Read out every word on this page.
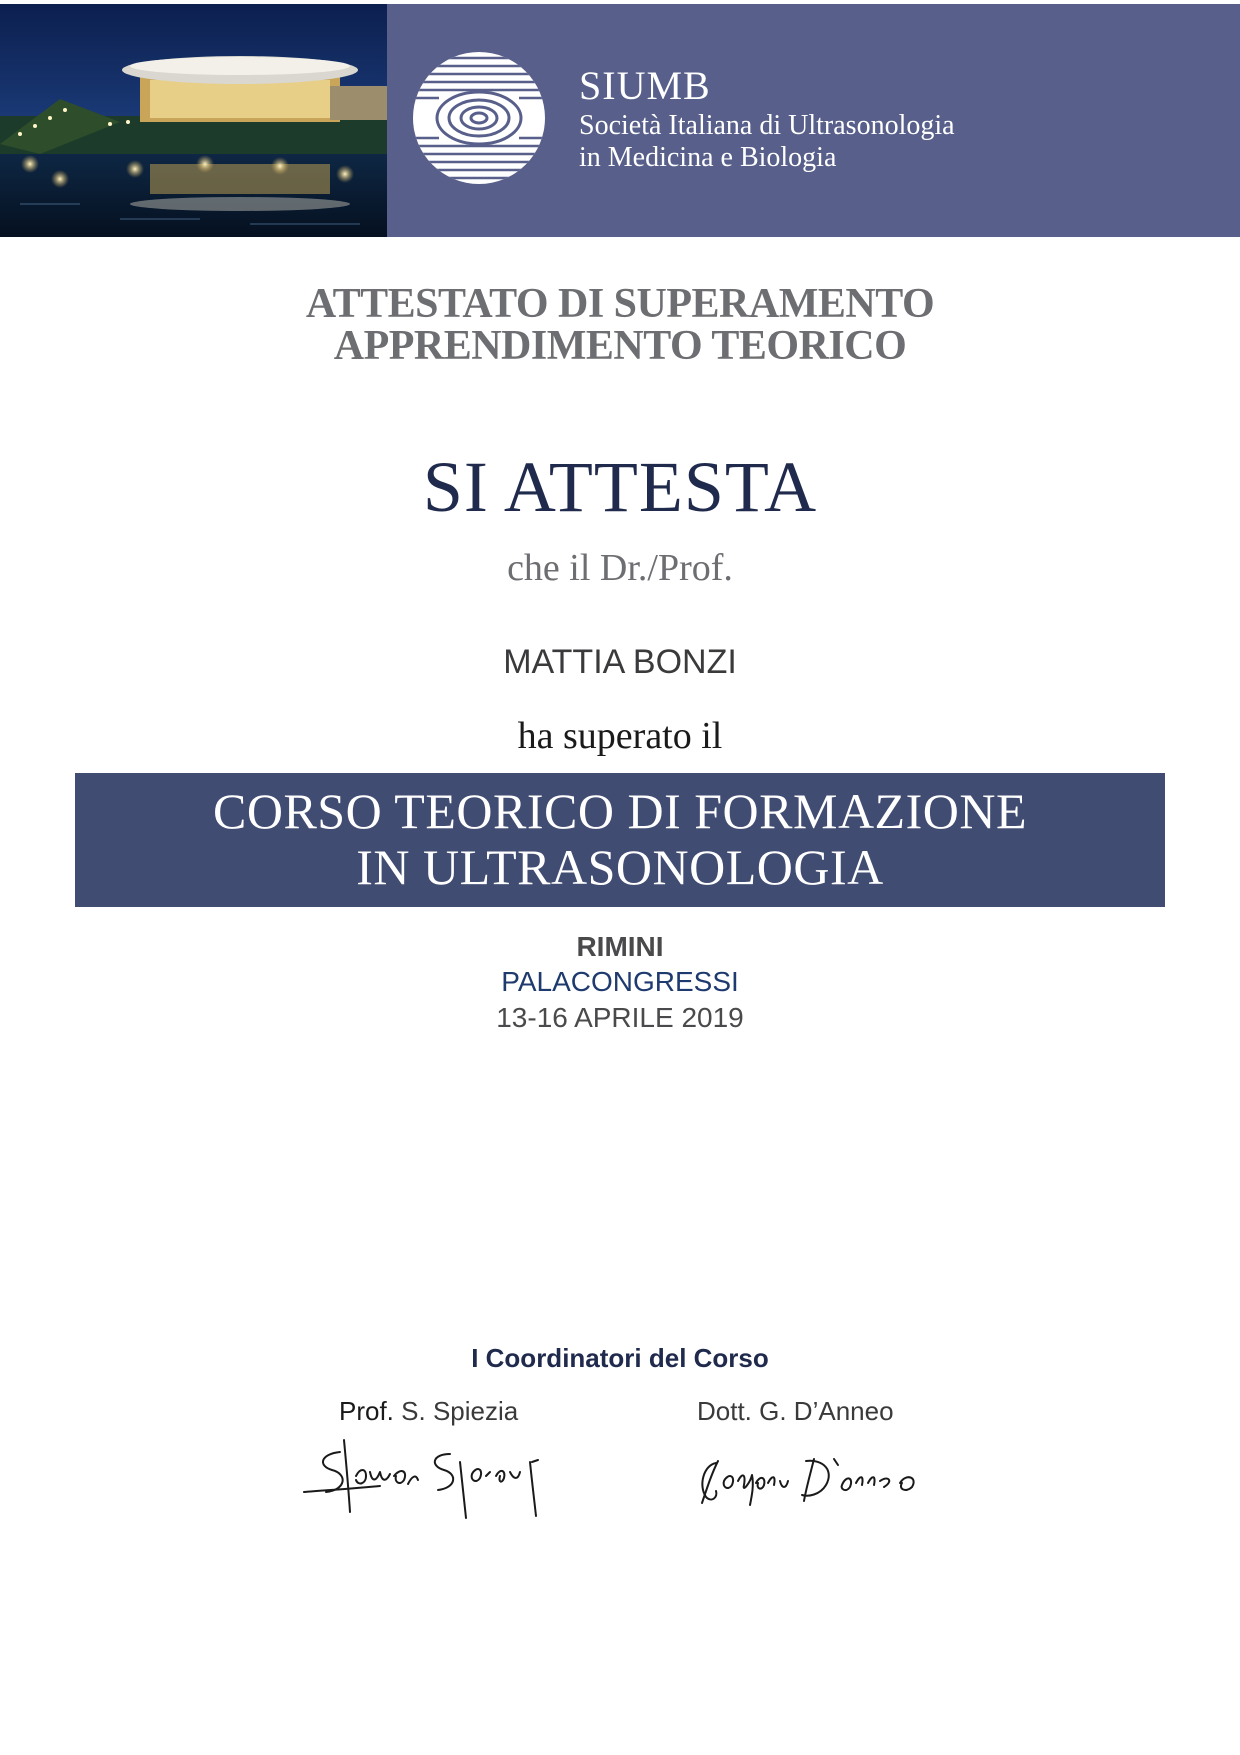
SIUMB
Società Italiana di Ultrasonologia
in Medicina e Biologia
ATTESTATO DI SUPERAMENTO
APPRENDIMENTO TEORICO
SI ATTESTA
che il Dr./Prof.
MATTIA BONZI
ha superato il
CORSO TEORICO DI FORMAZIONE
IN ULTRASONOLOGIA
RIMINI
PALACONGRESSI
13-16 APRILE 2019
I Coordinatori del Corso
Prof. S. Spiezia	Dott. G. D’Anneo
